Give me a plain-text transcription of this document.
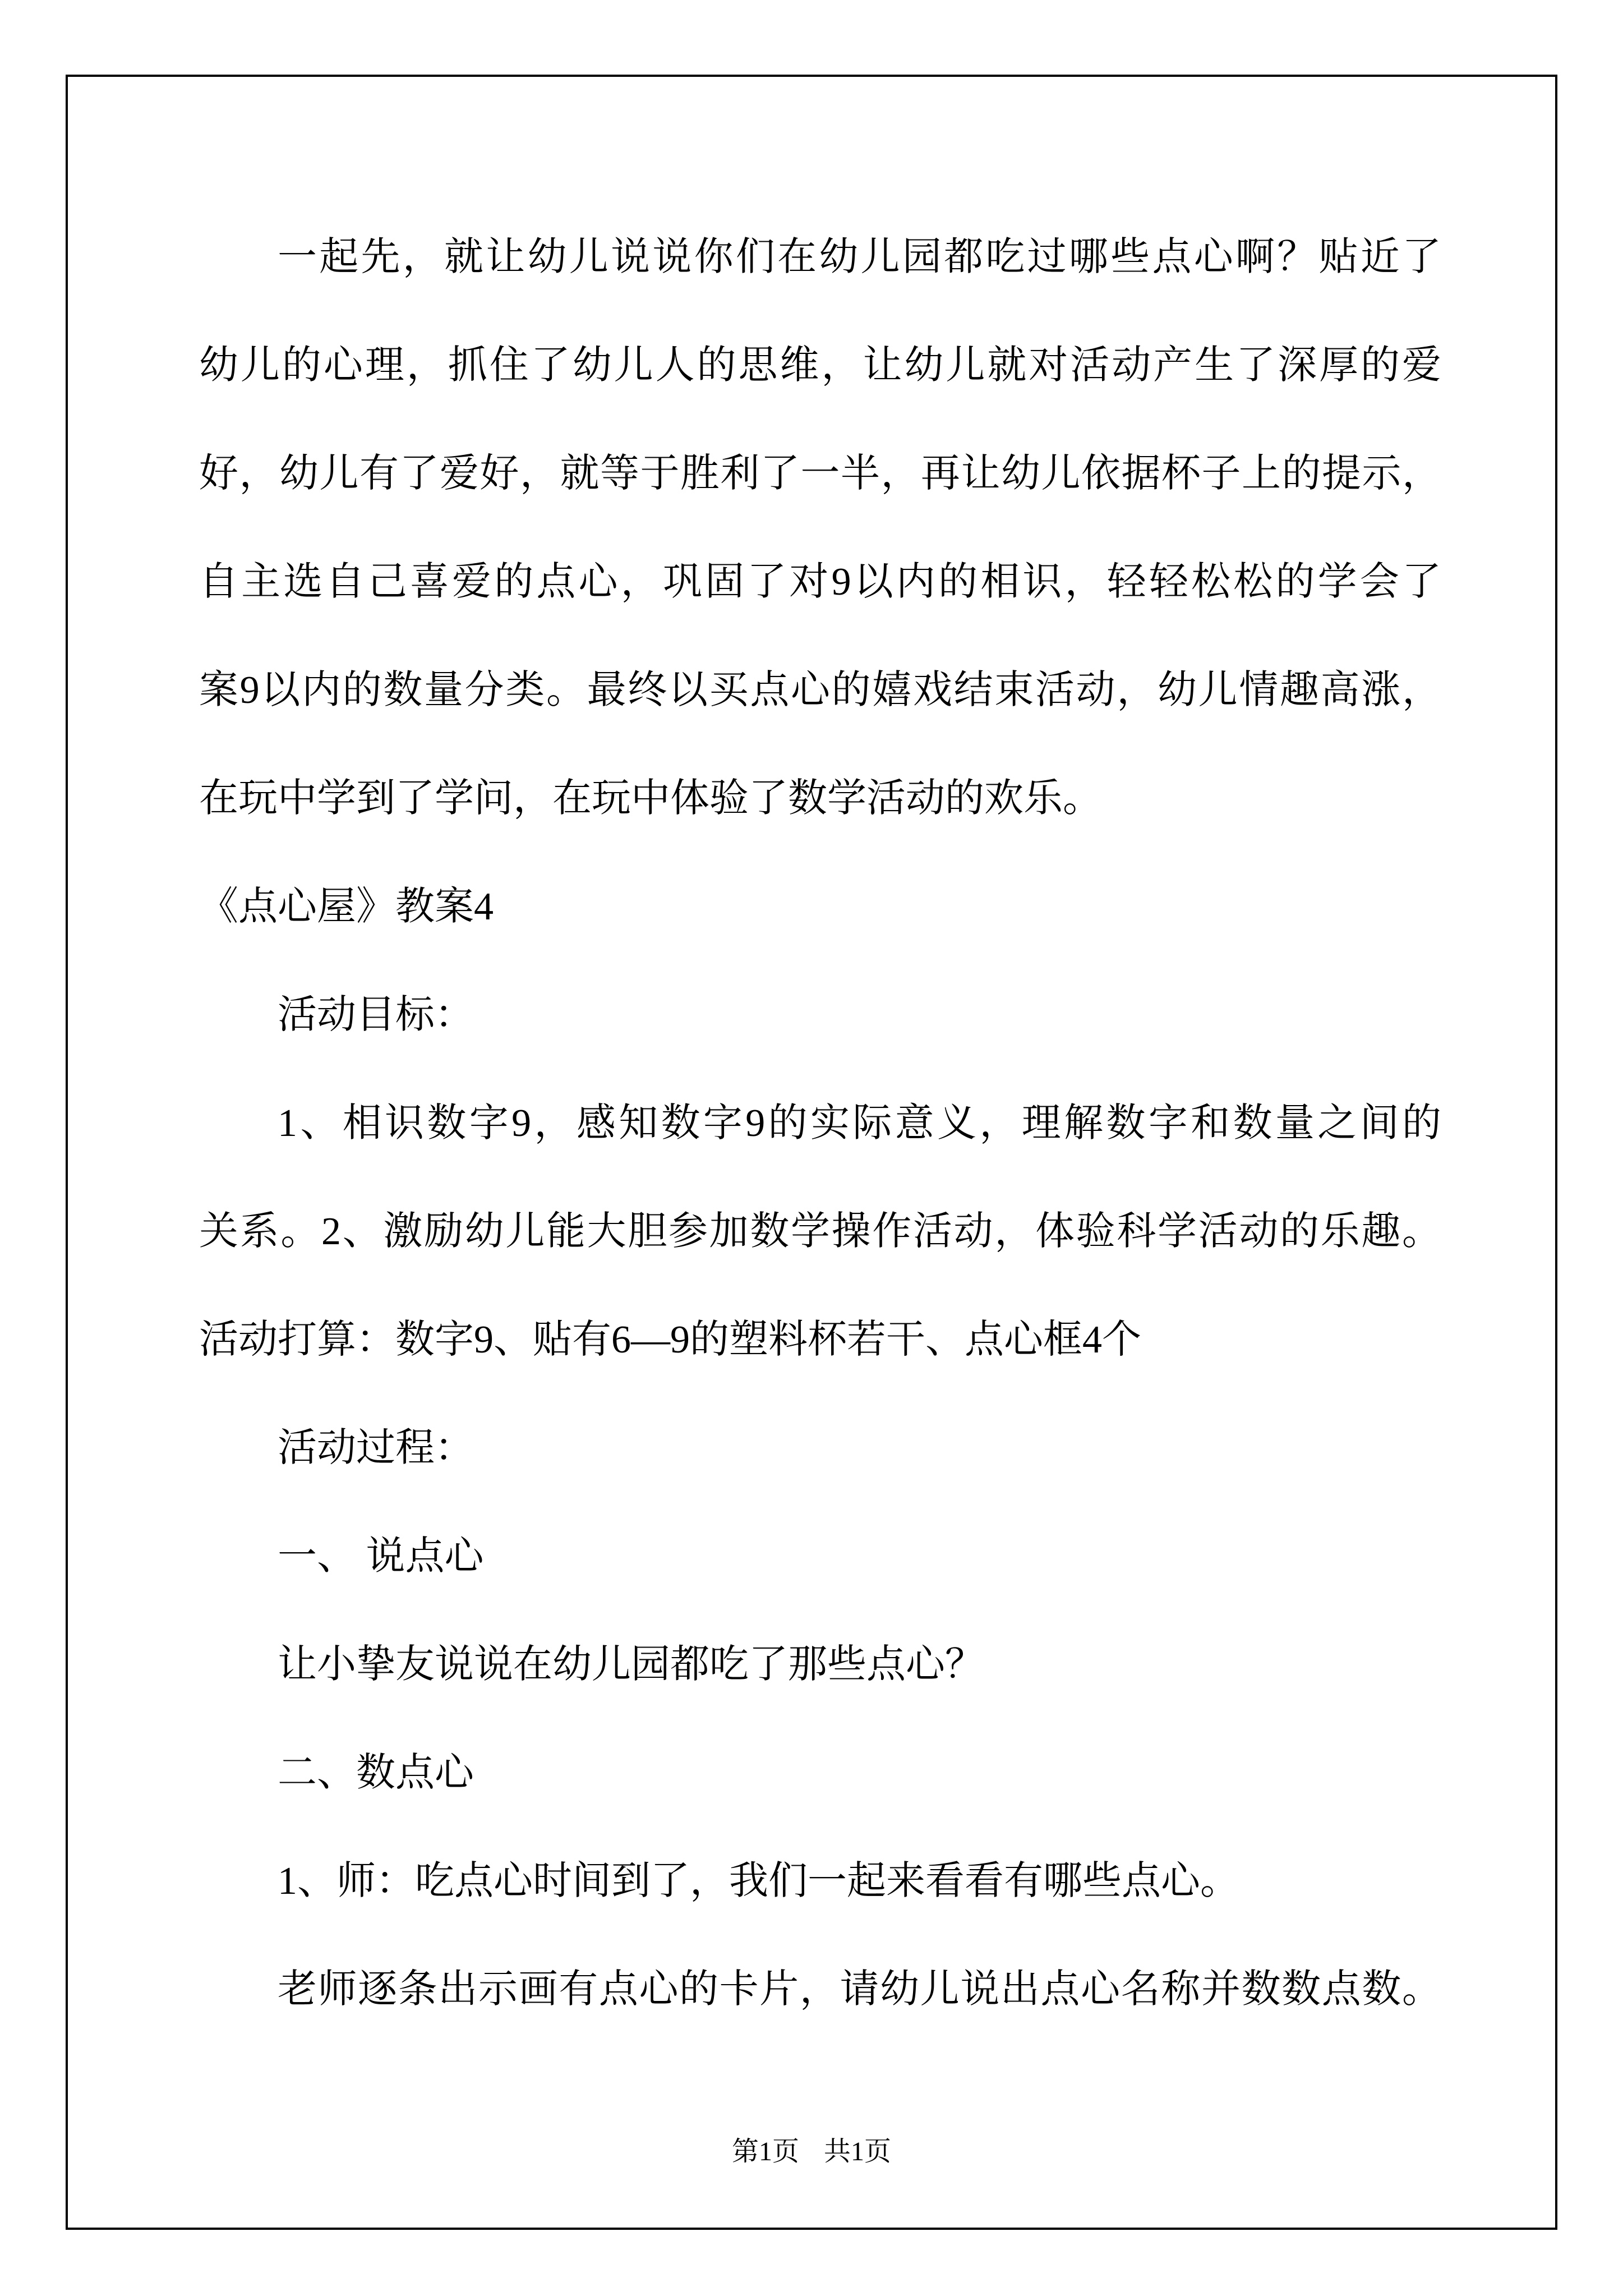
一起先，就让幼儿说说你们在幼儿园都吃过哪些点心啊？贴近了
幼儿的心理，抓住了幼儿人的思维，让幼儿就对活动产生了深厚的爱
好，幼儿有了爱好，就等于胜利了一半，再让幼儿依据杯子上的提示，
自主选自己喜爱的点心，巩固了对9以内的相识，轻轻松松的学会了
案9以内的数量分类。最终以买点心的嬉戏结束活动，幼儿情趣高涨，
在玩中学到了学问，在玩中体验了数学活动的欢乐。
《点心屋》教案4
活动目标：
1、相识数字9，感知数字9的实际意义，理解数字和数量之间的
关系。2、激励幼儿能大胆参加数学操作活动，体验科学活动的乐趣。
活动打算：数字9、贴有6—9的塑料杯若干、点心框4个
活动过程：
一、 说点心
让小挚友说说在幼儿园都吃了那些点心？
二、数点心
1、师：吃点心时间到了，我们一起来看看有哪些点心。
老师逐条出示画有点心的卡片，请幼儿说出点心名称并数数点数。
第1页 共1页
